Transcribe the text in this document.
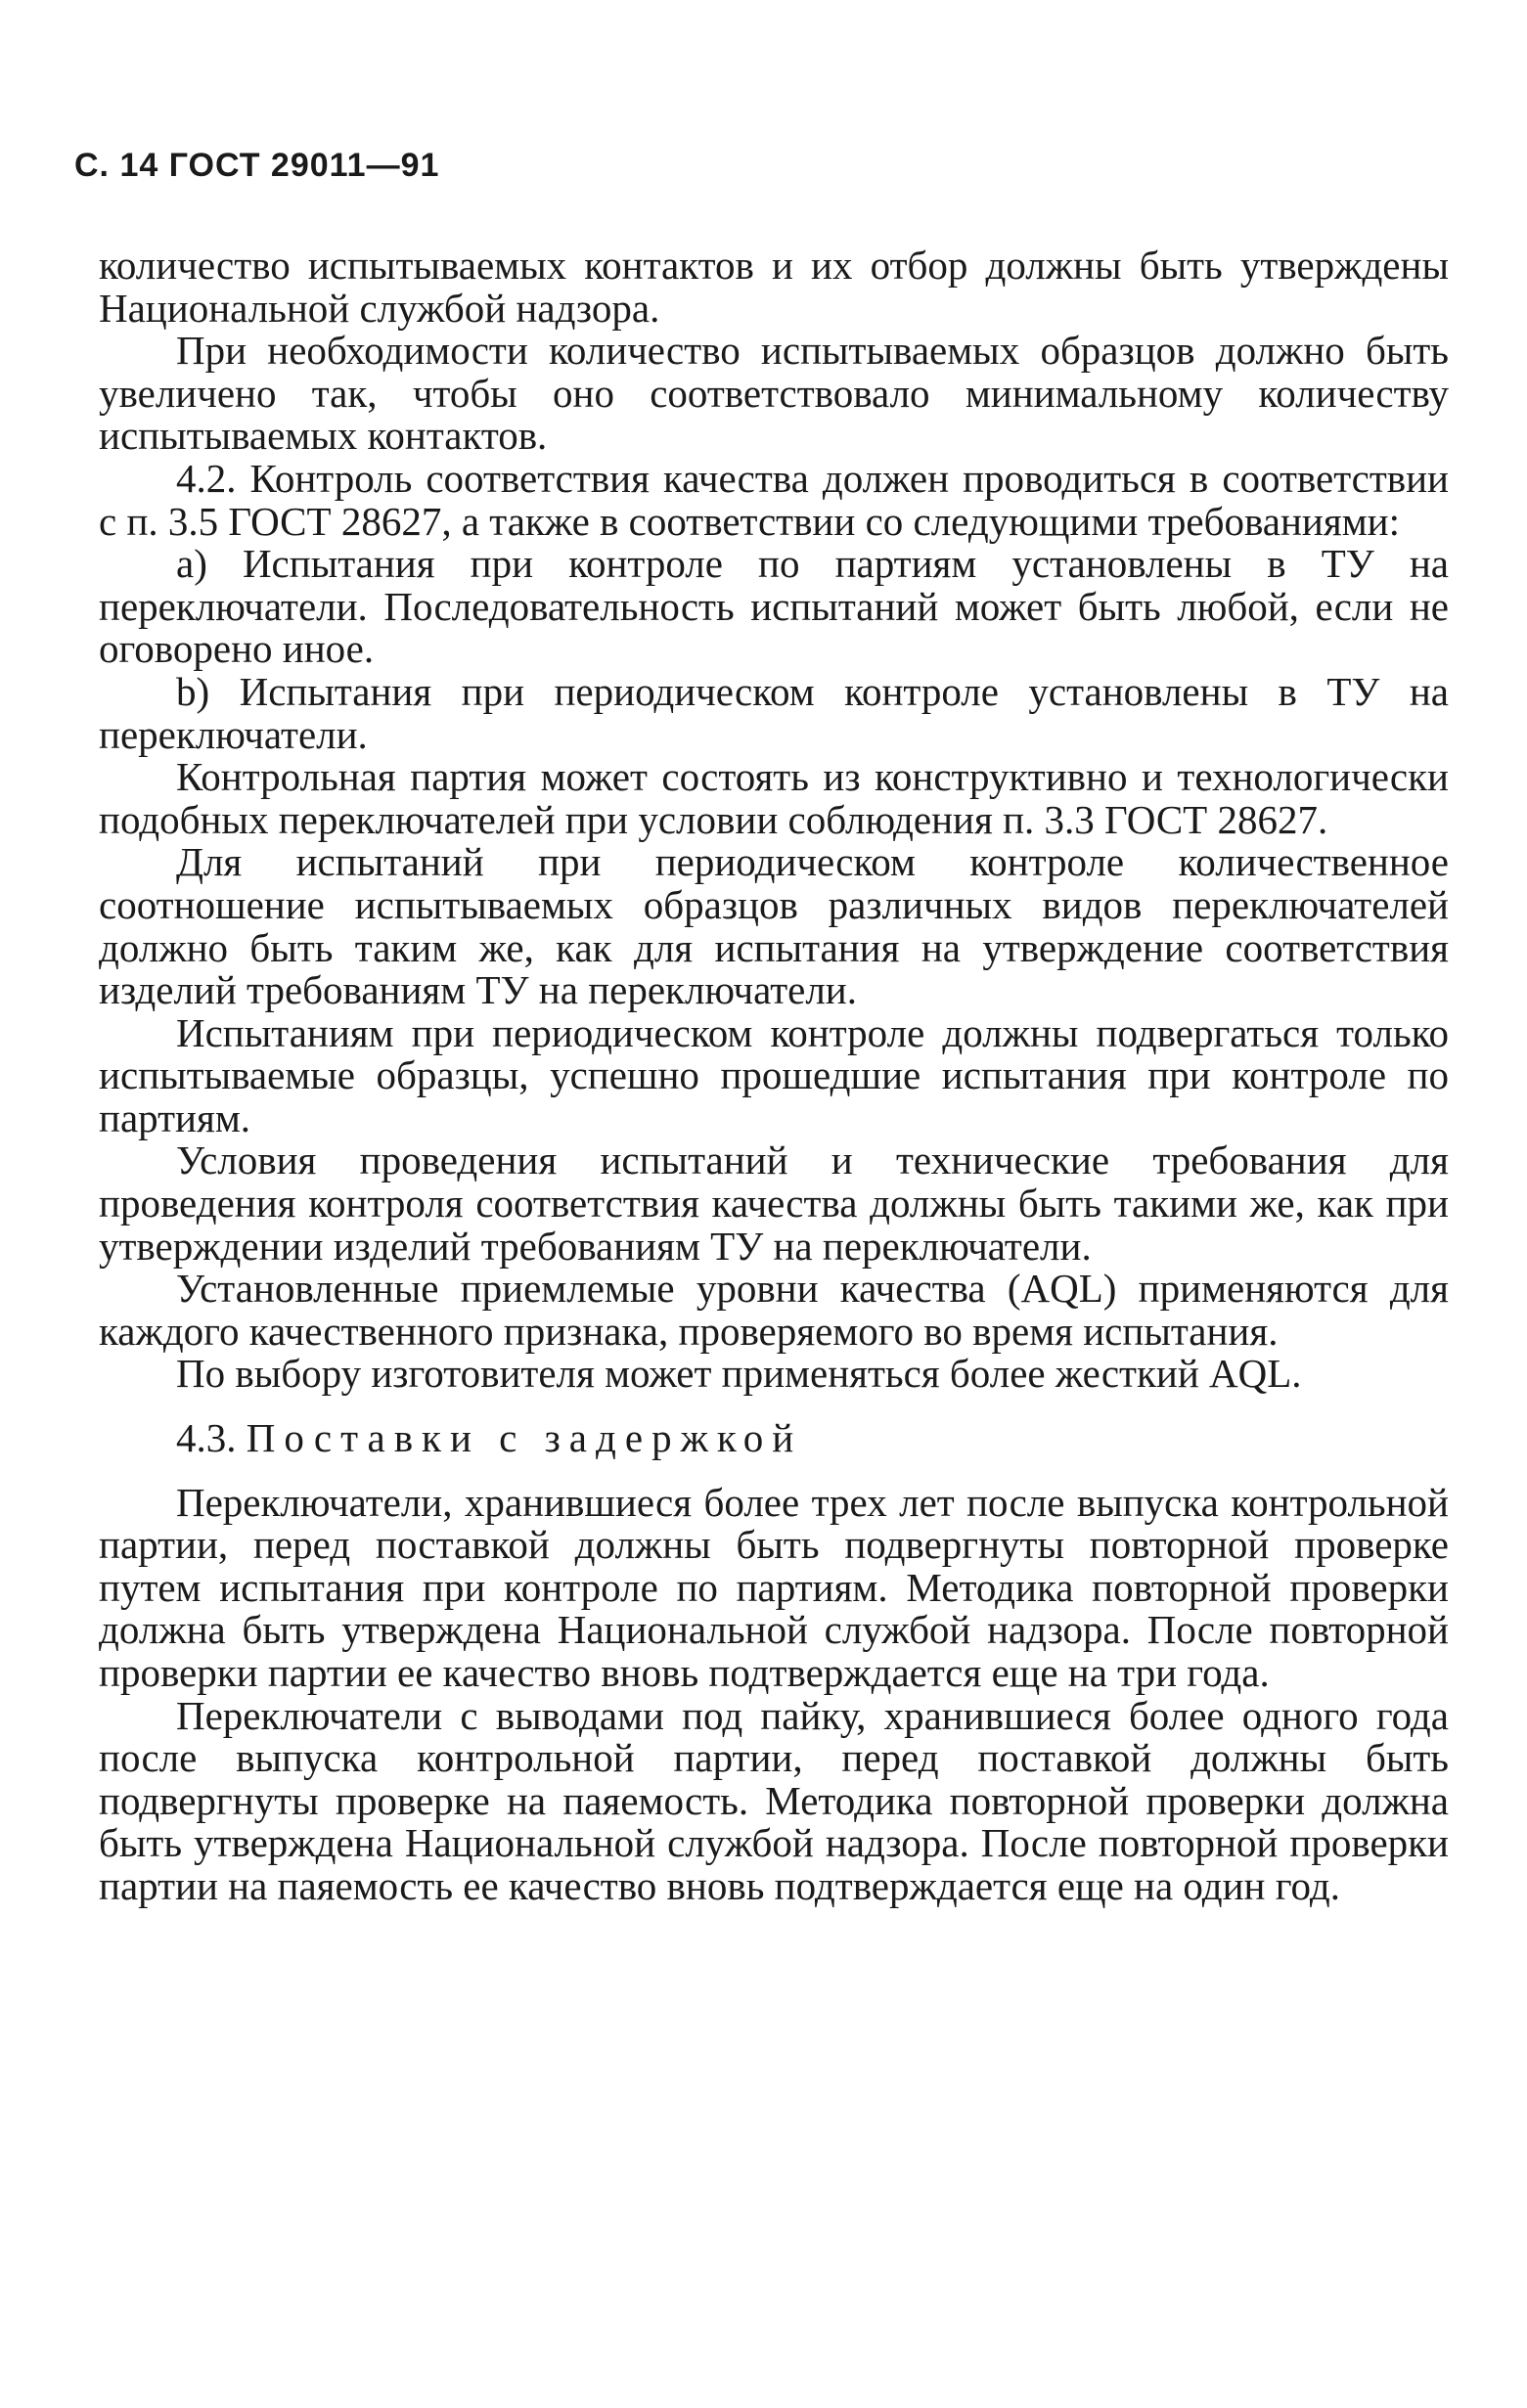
С. 14 ГОСТ 29011—91

количество испытываемых контактов и их отбор должны быть утверждены Национальной службой надзора.

При необходимости количество испытываемых образцов должно быть увеличено так, чтобы оно соответствовало минимальному количеству испытываемых контактов.

4.2. Контроль соответствия качества должен проводиться в соответствии с п. 3.5 ГОСТ 28627, а также в соответствии со следующими требованиями:

а) Испытания при контроле по партиям установлены в ТУ на переключатели. Последовательность испытаний может быть любой, если не оговорено иное.

b) Испытания при периодическом контроле установлены в ТУ на переключатели.

Контрольная партия может состоять из конструктивно и технологически подобных переключателей при условии соблюдения п. 3.3 ГОСТ 28627.

Для испытаний при периодическом контроле количественное соотношение испытываемых образцов различных видов переключателей должно быть таким же, как для испытания на утверждение соответствия изделий требованиям ТУ на переключатели.

Испытаниям при периодическом контроле должны подвергаться только испытываемые образцы, успешно прошедшие испытания при контроле по партиям.

Условия проведения испытаний и технические требования для проведения контроля соответствия качества должны быть такими же, как при утверждении изделий требованиям ТУ на переключатели.

Установленные приемлемые уровни качества (AQL) применяются для каждого качественного признака, проверяемого во время испытания.

По выбору изготовителя может применяться более жесткий AQL.

4.3. Поставки с задержкой

Переключатели, хранившиеся более трех лет после выпуска контрольной партии, перед поставкой должны быть подвергнуты повторной проверке путем испытания при контроле по партиям. Методика повторной проверки должна быть утверждена Национальной службой надзора. После повторной проверки партии ее качество вновь подтверждается еще на три года.

Переключатели с выводами под пайку, хранившиеся более одного года после выпуска контрольной партии, перед поставкой должны быть подвергнуты проверке на паяемость. Методика повторной проверки должна быть утверждена Национальной службой надзора. После повторной проверки партии на паяемость ее качество вновь подтверждается еще на один год.
